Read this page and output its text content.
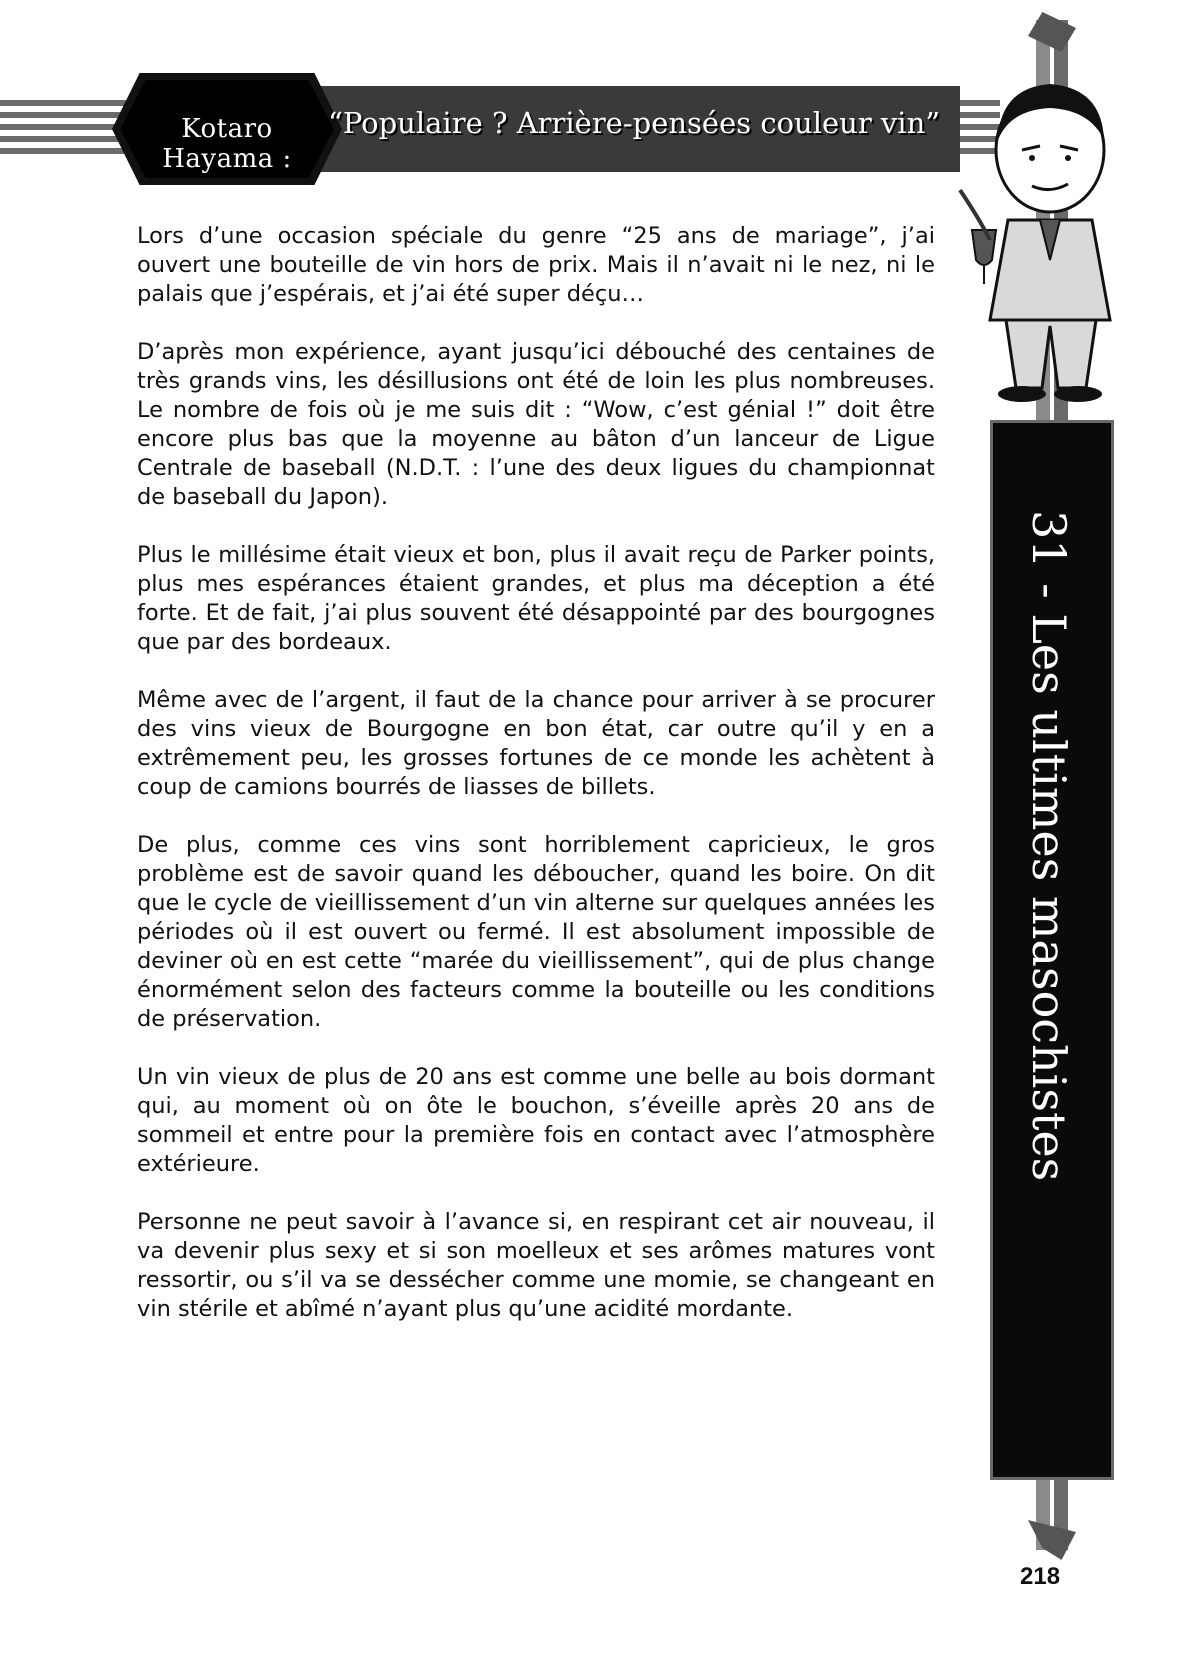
Kotaro Hayama :
“Populaire ? Arrière-pensées couleur vin”
31 - Les ultimes masochistes

Lors d’une occasion spéciale du genre “25 ans de mariage”, j’ai ouvert une bouteille de vin hors de prix. Mais il n’avait ni le nez, ni le palais que j’espérais, et j’ai été super déçu…

D’après mon expérience, ayant jusqu’ici débouché des centaines de très grands vins, les désillusions ont été de loin les plus nombreuses. Le nombre de fois où je me suis dit : “Wow, c’est génial !” doit être encore plus bas que la moyenne au bâton d’un lanceur de Ligue Centrale de baseball (N.D.T. : l’une des deux ligues du championnat de baseball du Japon).

Plus le millésime était vieux et bon, plus il avait reçu de Parker points, plus mes espérances étaient grandes, et plus ma déception a été forte. Et de fait, j’ai plus souvent été désappointé par des bourgognes que par des bordeaux.

Même avec de l’argent, il faut de la chance pour arriver à se procurer des vins vieux de Bourgogne en bon état, car outre qu’il y en a extrêmement peu, les grosses fortunes de ce monde les achètent à coup de camions bourrés de liasses de billets.

De plus, comme ces vins sont horriblement capricieux, le gros problème est de savoir quand les déboucher, quand les boire. On dit que le cycle de vieillissement d’un vin alterne sur quelques années les périodes où il est ouvert ou fermé. Il est absolument impossible de deviner où en est cette “marée du vieillissement”, qui de plus change énormément selon des facteurs comme la bouteille ou les conditions de préservation.

Un vin vieux de plus de 20 ans est comme une belle au bois dormant qui, au moment où on ôte le bouchon, s’éveille après 20 ans de sommeil et entre pour la première fois en contact avec l’atmosphère extérieure.

Personne ne peut savoir à l’avance si, en respirant cet air nouveau, il va devenir plus sexy et si son moelleux et ses arômes matures vont ressortir, ou s’il va se dessécher comme une momie, se changeant en vin stérile et abîmé n’ayant plus qu’une acidité mordante.

218
